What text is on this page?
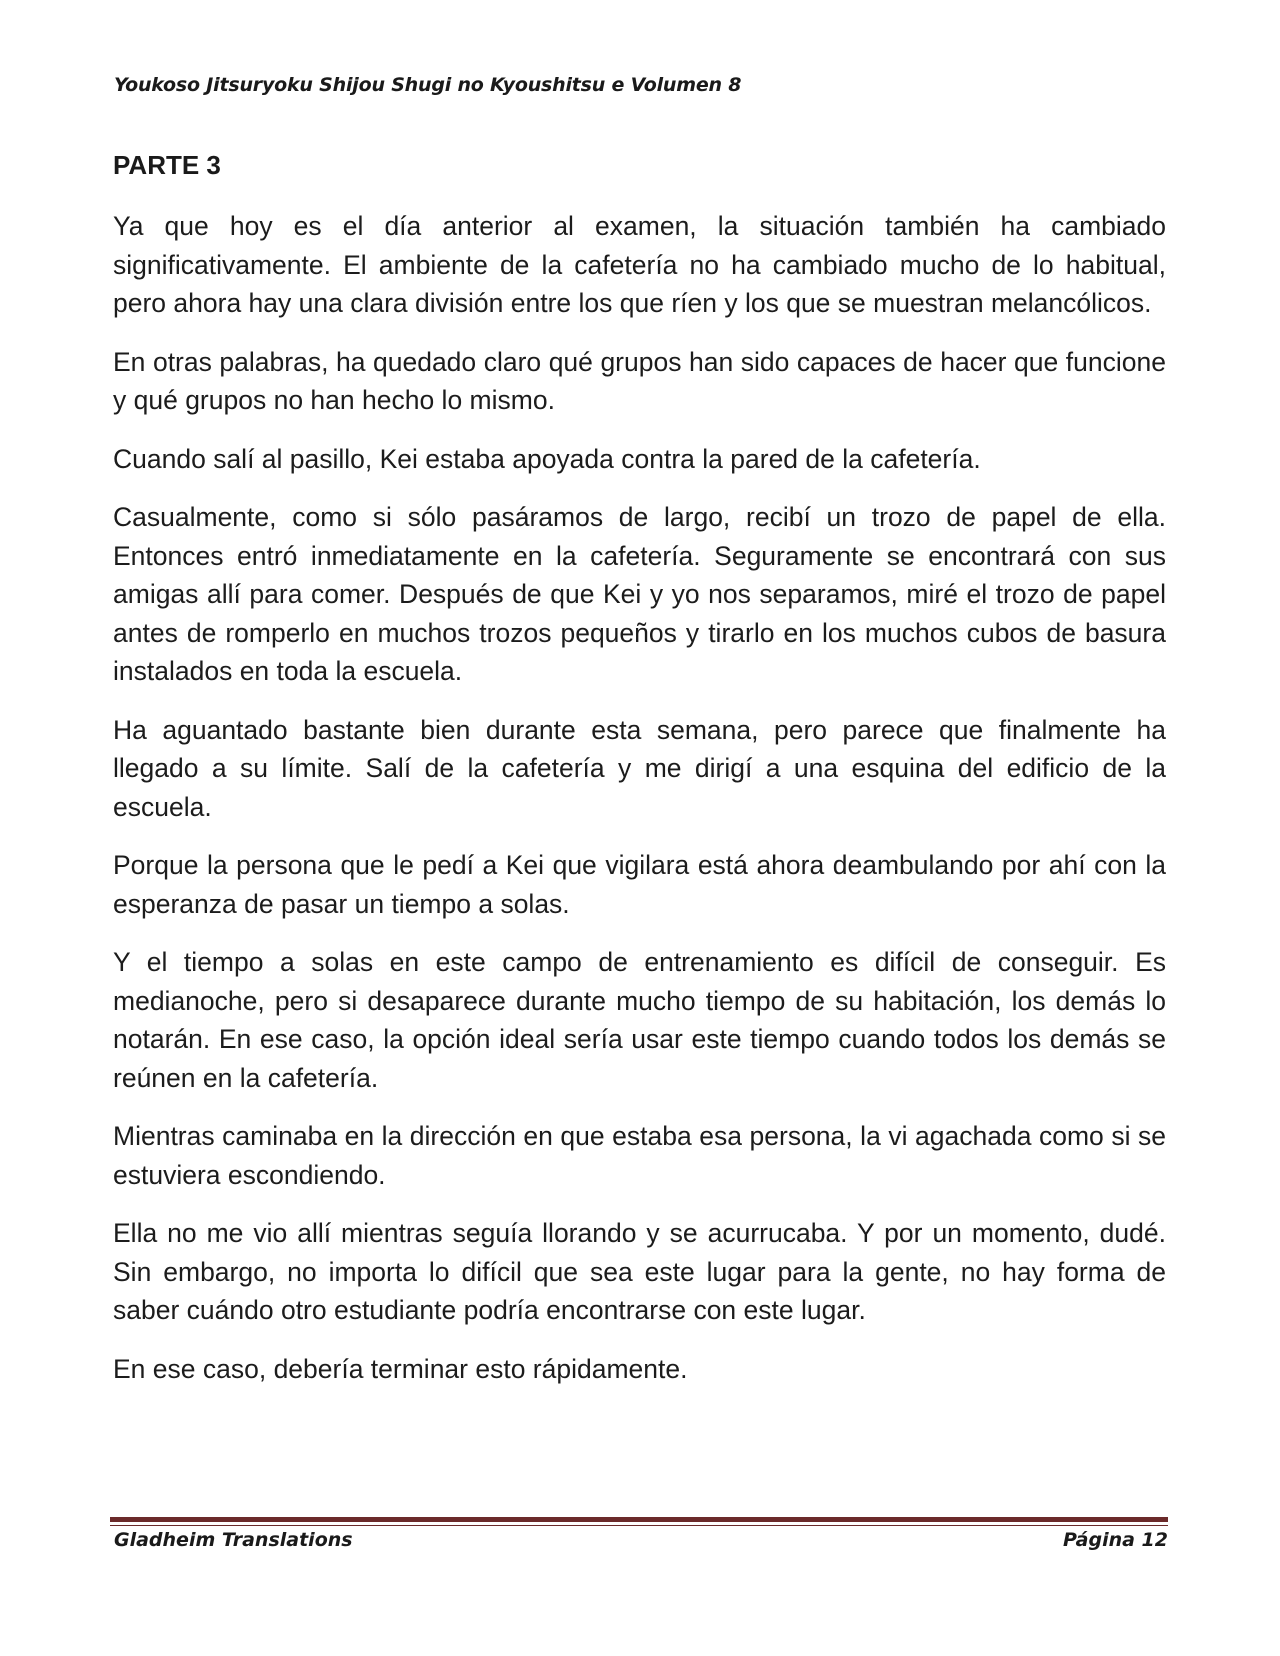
Youkoso Jitsuryoku Shijou Shugi no Kyoushitsu e Volumen 8
PARTE 3

Ya que hoy es el día anterior al examen, la situación también ha cambiado significativamente. El ambiente de la cafetería no ha cambiado mucho de lo habitual, pero ahora hay una clara división entre los que ríen y los que se muestran melancólicos.

En otras palabras, ha quedado claro qué grupos han sido capaces de hacer que funcione y qué grupos no han hecho lo mismo.

Cuando salí al pasillo, Kei estaba apoyada contra la pared de la cafetería.

Casualmente, como si sólo pasáramos de largo, recibí un trozo de papel de ella. Entonces entró inmediatamente en la cafetería. Seguramente se encontrará con sus amigas allí para comer. Después de que Kei y yo nos separamos, miré el trozo de papel antes de romperlo en muchos trozos pequeños y tirarlo en los muchos cubos de basura instalados en toda la escuela.

Ha aguantado bastante bien durante esta semana, pero parece que finalmente ha llegado a su límite. Salí de la cafetería y me dirigí a una esquina del edificio de la escuela.

Porque la persona que le pedí a Kei que vigilara está ahora deambulando por ahí con la esperanza de pasar un tiempo a solas.

Y el tiempo a solas en este campo de entrenamiento es difícil de conseguir. Es medianoche, pero si desaparece durante mucho tiempo de su habitación, los demás lo notarán. En ese caso, la opción ideal sería usar este tiempo cuando todos los demás se reúnen en la cafetería.

Mientras caminaba en la dirección en que estaba esa persona, la vi agachada como si se estuviera escondiendo.

Ella no me vio allí mientras seguía llorando y se acurrucaba. Y por un momento, dudé. Sin embargo, no importa lo difícil que sea este lugar para la gente, no hay forma de saber cuándo otro estudiante podría encontrarse con este lugar.

En ese caso, debería terminar esto rápidamente.

Gladheim Translations	Página 12
